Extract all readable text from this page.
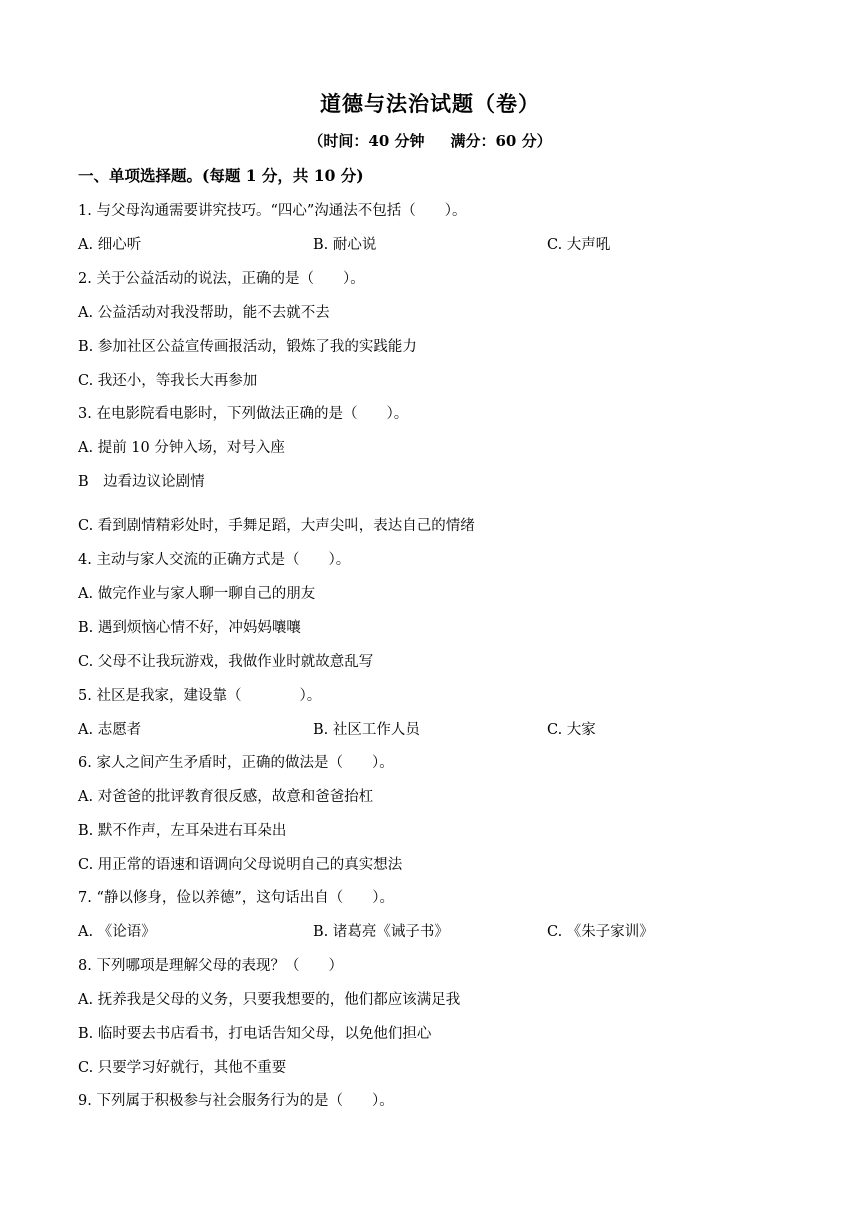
道德与法治试题（卷）
（时间：40 分钟 满分：60 分）
一、单项选择题。(每题 1 分，共 10 分)
1. 与父母沟通需要讲究技巧。“四心”沟通法不包括（　　）。
A. 细心听	B. 耐心说	C. 大声吼
2. 关于公益活动的说法，正确的是（　　）。
A. 公益活动对我没帮助，能不去就不去
B. 参加社区公益宣传画报活动，锻炼了我的实践能力
C. 我还小，等我长大再参加
3. 在电影院看电影时，下列做法正确的是（　　）。
A. 提前 10 分钟入场，对号入座
B　边看边议论剧情
C. 看到剧情精彩处时，手舞足蹈，大声尖叫，表达自己的情绪
4. 主动与家人交流的正确方式是（　　）。
A. 做完作业与家人聊一聊自己的朋友
B. 遇到烦恼心情不好，冲妈妈嚷嚷
C. 父母不让我玩游戏，我做作业时就故意乱写
5. 社区是我家，建设靠（　　　　）。
A. 志愿者	B. 社区工作人员	C. 大家
6. 家人之间产生矛盾时，正确的做法是（　　）。
A. 对爸爸的批评教育很反感，故意和爸爸抬杠
B. 默不作声，左耳朵进右耳朵出
C. 用正常的语速和语调向父母说明自己的真实想法
7. “静以修身，俭以养德”，这句话出自（　　）。
A. 《论语》	B. 诸葛亮《诫子书》	C. 《朱子家训》
8. 下列哪项是理解父母的表现？（　　）
A. 抚养我是父母的义务，只要我想要的，他们都应该满足我
B. 临时要去书店看书，打电话告知父母，以免他们担心
C. 只要学习好就行，其他不重要
9. 下列属于积极参与社会服务行为的是（　　）。
